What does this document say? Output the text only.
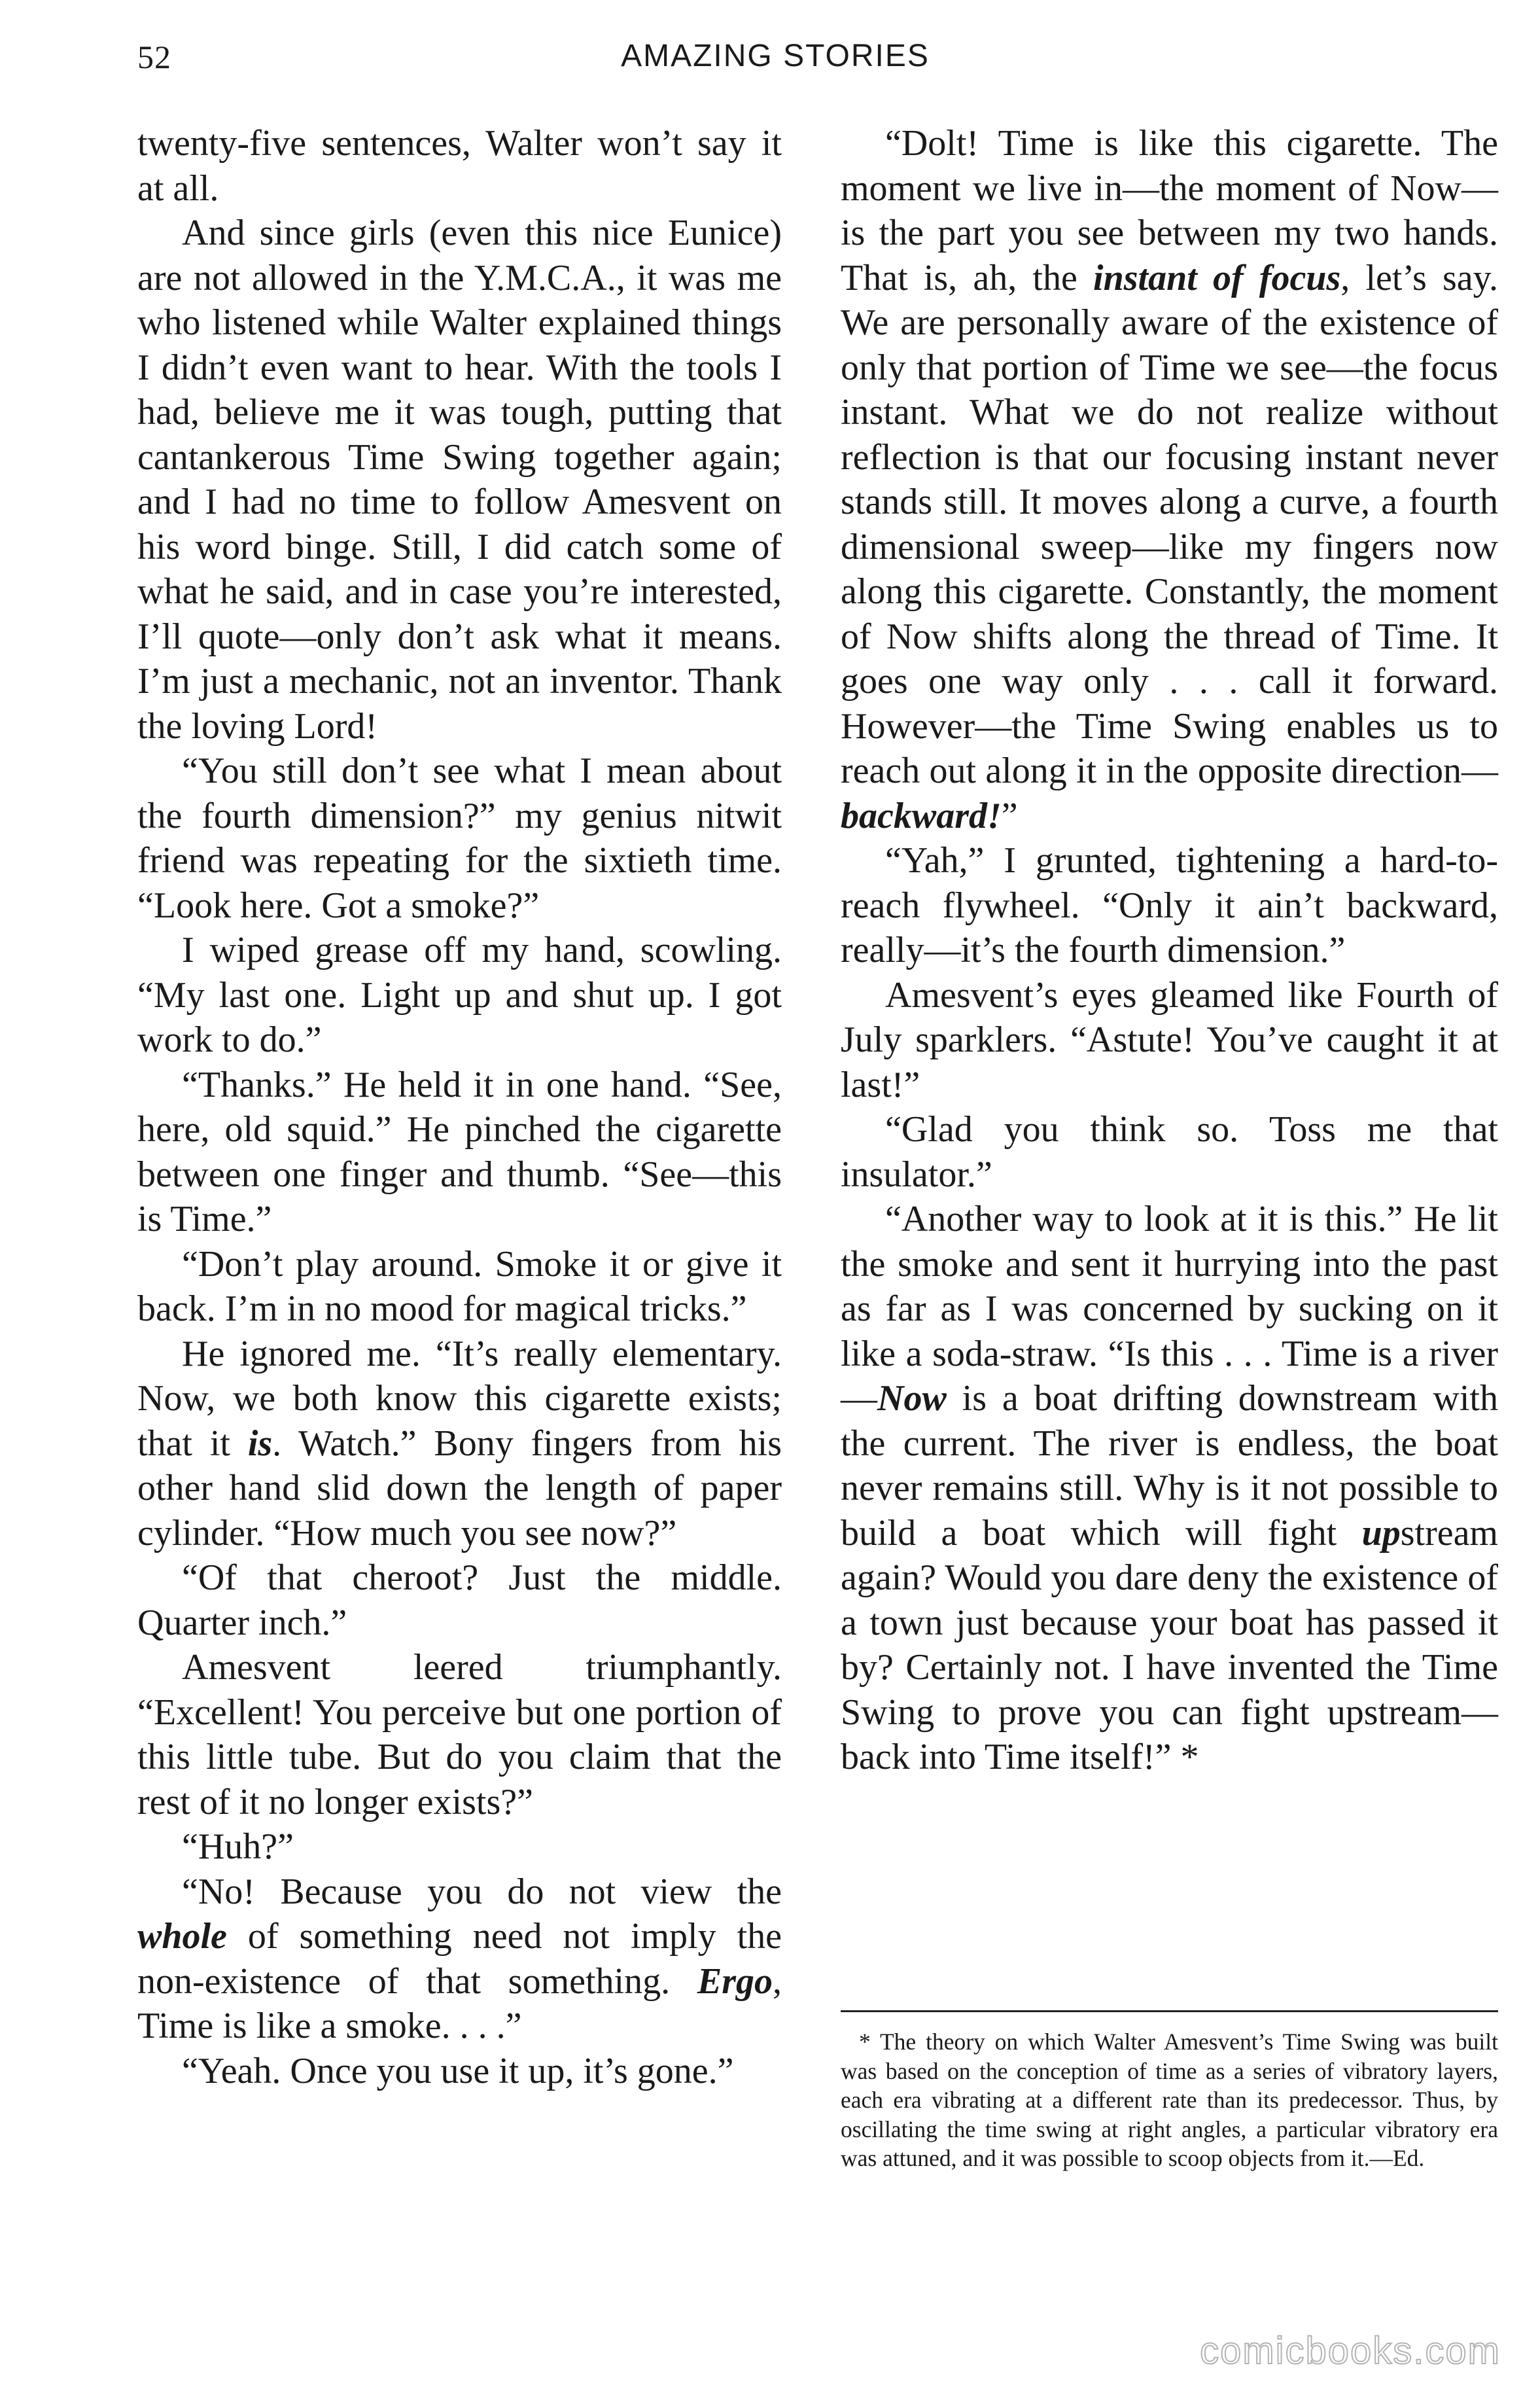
52	AMAZING STORIES

twenty-five sentences, Walter won’t say it at all.

And since girls (even this nice Eunice) are not allowed in the Y.M.C.A., it was me who listened while Walter explained things I didn’t even want to hear. With the tools I had, believe me it was tough, putting that cantankerous Time Swing together again; and I had no time to follow Amesvent on his word binge. Still, I did catch some of what he said, and in case you’re interested, I’ll quote—only don’t ask what it means. I’m just a mechanic, not an inventor. Thank the loving Lord!

“You still don’t see what I mean about the fourth dimension?” my genius nitwit friend was repeating for the sixtieth time. “Look here. Got a smoke?”

I wiped grease off my hand, scowling. “My last one. Light up and shut up. I got work to do.”

“Thanks.” He held it in one hand. “See, here, old squid.” He pinched the cigarette between one finger and thumb. “See—this is Time.”

“Don’t play around. Smoke it or give it back. I’m in no mood for magical tricks.”

He ignored me. “It’s really elementary. Now, we both know this cigarette exists; that it is. Watch.” Bony fingers from his other hand slid down the length of paper cylinder. “How much you see now?”

“Of that cheroot? Just the middle. Quarter inch.”

Amesvent leered triumphantly. “Excellent! You perceive but one portion of this little tube. But do you claim that the rest of it no longer exists?”

“Huh?”

“No! Because you do not view the whole of something need not imply the non-existence of that something. Ergo, Time is like a smoke. . . .”

“Yeah. Once you use it up, it’s gone.”

“Dolt! Time is like this cigarette. The moment we live in—the moment of Now—is the part you see between my two hands. That is, ah, the instant of focus, let’s say. We are personally aware of the existence of only that portion of Time we see—the focus instant. What we do not realize without reflection is that our focusing instant never stands still. It moves along a curve, a fourth dimensional sweep—like my fingers now along this cigarette. Constantly, the moment of Now shifts along the thread of Time. It goes one way only . . . call it forward. However—the Time Swing enables us to reach out along it in the opposite direction—backward!”

“Yah,” I grunted, tightening a hard-to-reach flywheel. “Only it ain’t backward, really—it’s the fourth dimension.”

Amesvent’s eyes gleamed like Fourth of July sparklers. “Astute! You’ve caught it at last!”

“Glad you think so. Toss me that insulator.”

“Another way to look at it is this.” He lit the smoke and sent it hurrying into the past as far as I was concerned by sucking on it like a soda-straw. “Is this . . . Time is a river—Now is a boat drifting downstream with the current. The river is endless, the boat never remains still. Why is it not possible to build a boat which will fight upstream again? Would you dare deny the existence of a town just because your boat has passed it by? Certainly not. I have invented the Time Swing to prove you can fight upstream—back into Time itself!” *

* The theory on which Walter Amesvent’s Time Swing was built was based on the conception of time as a series of vibratory layers, each era vibrating at a different rate than its predecessor. Thus, by oscillating the time swing at right angles, a particular vibratory era was attuned, and it was possible to scoop objects from it.—Ed.

comicbooks.com
